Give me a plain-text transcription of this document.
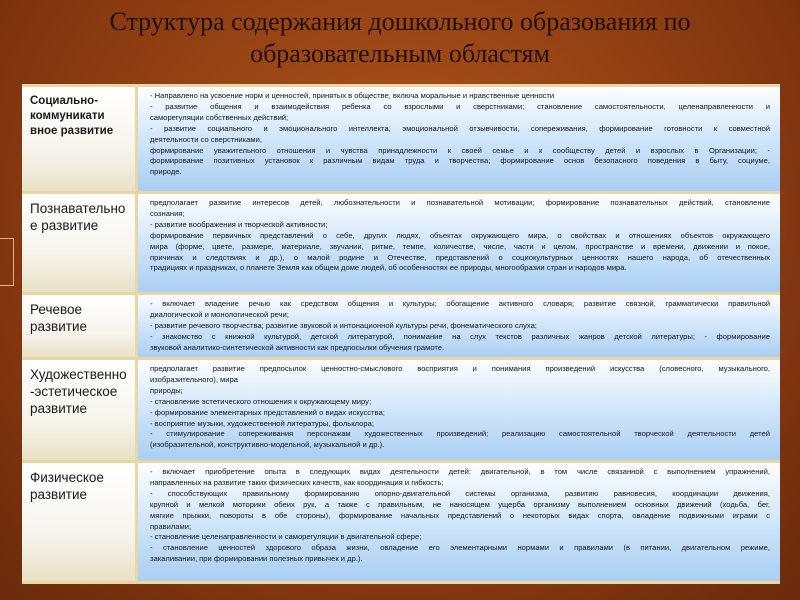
Структура содержания дошкольного образования по
образовательным областям
Социально-коммуникати вное развитие
- Направлено на усвоение норм и ценностей, принятых в обществе, включа моральные и нравственные ценности
- развитие общения и взаимодействия ребенка со взрослыми и сверстниками; становление самостоятельности, целенаправленности и
саморегуляции собственных действий;
- развитие социального и эмоционального интеллекта, эмоциональной отзывчивости, сопереживания, формирование готовности к совместной
деятельности со сверстниками,
формирование уважительного отношения и чувства принадлежности к своей семье и к сообществу детей и взрослых в Организации; -
формирование позитивных установок к различным видам труда и творчества; формирование основ безопасного поведения в быту, социуме,
природе.
Познавательно е развитие
предполагает развитие интересов детей, любознательности и познавательной мотивации; формирование познавательных действий, становление
сознания;
- развитие воображения и творческой активности;
формирование первичных представлений о себе, других людях, объектах окружающего мира, о свойствах и отношениях объектов окружающего
мира (форме, цвете, размере, материале, звучании, ритме, темпе, количестве, числе, части и целом, пространстве и времени, движении и покое,
причинах и следствиях и др.), о малой родине и Отечестве, представлений о социокультурных ценностях нашего народа, об отечественных
традициях и праздниках, о планете Земля как общем доме людей, об особенностях ее природы, многообразии стран и народов мира.
Речевое развитие
- включает владение речью как средством общения и культуры; обогащение активного словаря; развитие связной, грамматически правильной
диалогической и монологической речи;
- развитие речевого творчества; развитие звуковой и интонационной культуры речи, фонематического слуха;
- знакомство с книжной культурой, детской литературой, понимание на слух текстов различных жанров детской литературы; - формирование
звуковой аналитико-синтетической активности как предпосылки обучения грамоте.
Художественно -эстетическое развитие
предполагает развитие предпосылок ценностно-смыслового восприятия и понимания произведений искусства (словесного, музыкального,
изобразительного), мира
природы;
- становление эстетического отношения к окружающему миру;
- формирование элементарных представлений о видах искусства;
- восприятие музыки, художественной литературы, фольклора;
- стимулирование сопереживания персонажам художественных произведений; реализацию самостоятельной творческой деятельности детей
(изобразительной, конструктивно-модельной, музыкальной и др.).
Физическое развитие
- включает приобретение опыта в следующих видах деятельности детей: двигательной, в том числе связанной с выполнением упражнений,
направленных на развитие таких физических качеств, как координация и гибкость;
- способствующих правильному формированию опорно-двигательной системы организма, развитию равновесия, координации движения,
крупной и мелкой моторики обеих рук, а также с правильным, не наносящем ущерба организму выполнением основных движений (ходьба, бег,
мягкие прыжки, повороты в обе стороны), формирование начальных представлений о некоторых видах спорта, овладение подвижными играми с
правилами;
- становление целенаправленности и саморегуляции в двигательной сфере;
- становление ценностей здорового образа жизни, овладение его элементарными нормами и правилами (в питании, двигательном режиме,
закаливании, при формировании полезных привычек и др.).
